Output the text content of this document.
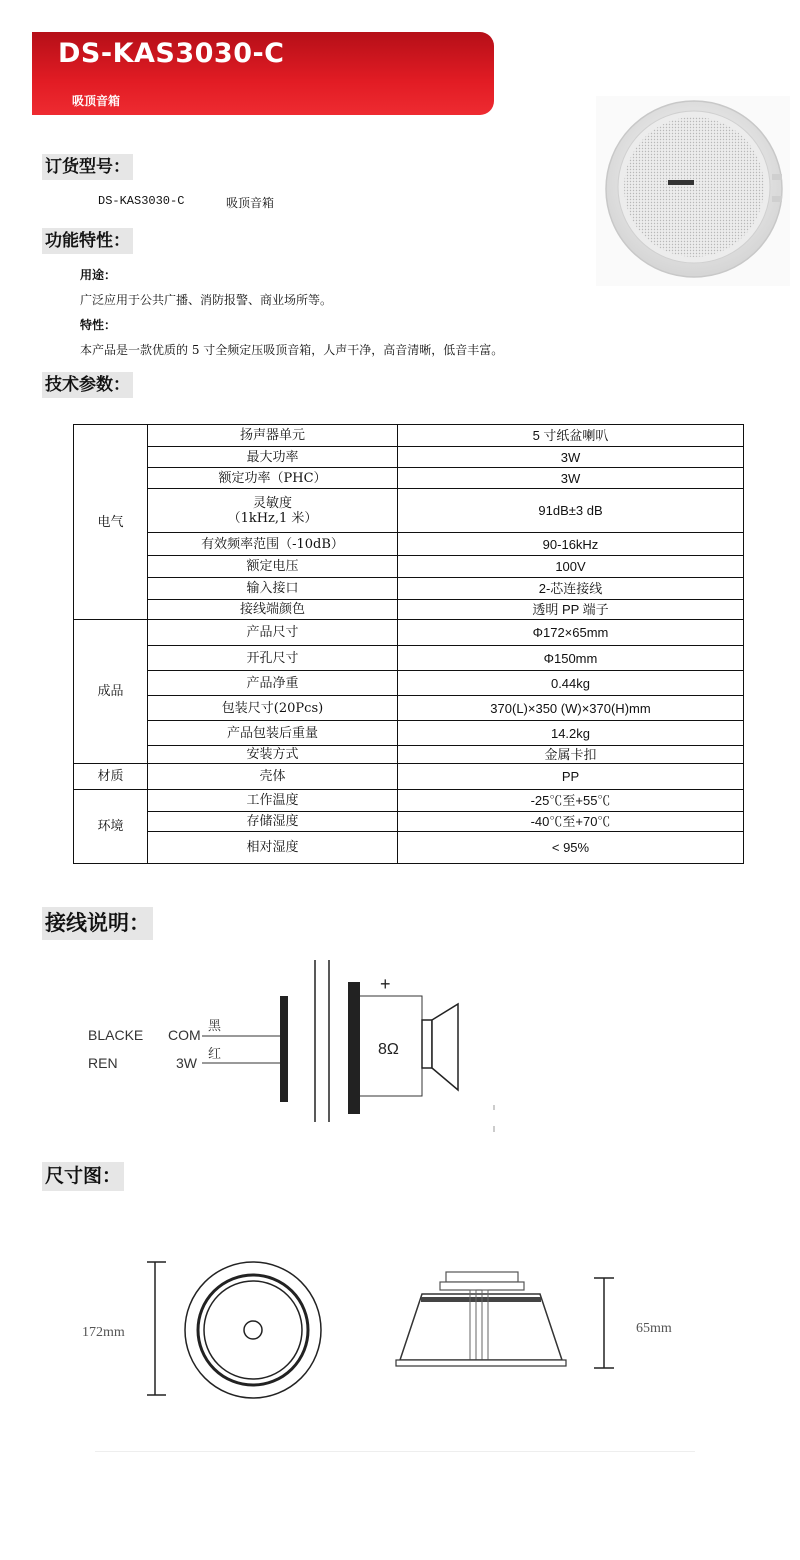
DS-KAS3030-C
吸顶音箱
订货型号：
DS-KAS3030-C	吸顶音箱
功能特性：
用途：
广泛应用于公共广播、消防报警、商业场所等。
特性：
本产品是一款优质的 5 寸全频定压吸顶音箱，人声干净，高音清晰，低音丰富。
技术参数：
电气	扬声器单元	5 寸纸盆喇叭
	最大功率	3W
	额定功率（PHC）	3W

	灵敏度
（1kHz,1 米）	91dB±3 dB
	有效频率范围（-10dB）	90-16kHz
	额定电压	100V
	输入接口	2-芯连接线
	接线端颜色	透明 PP 端子
成品	产品尺寸	Φ172×65mm
	开孔尺寸	Φ150mm
	产品净重	0.44kg
	包装尺寸(20Pcs)	370(L)×350 (W)×370(H)mm
	产品包装后重量	14.2kg
	安装方式	金属卡扣
材质	壳体	PP
环境	工作温度	-25℃至+55℃
	存储湿度	-40℃至+70℃
	相对湿度	< 95%
接线说明：
BLACKE
REN
COM
3W
黑
红
+
8Ω
尺寸图：
172mm	65mm
